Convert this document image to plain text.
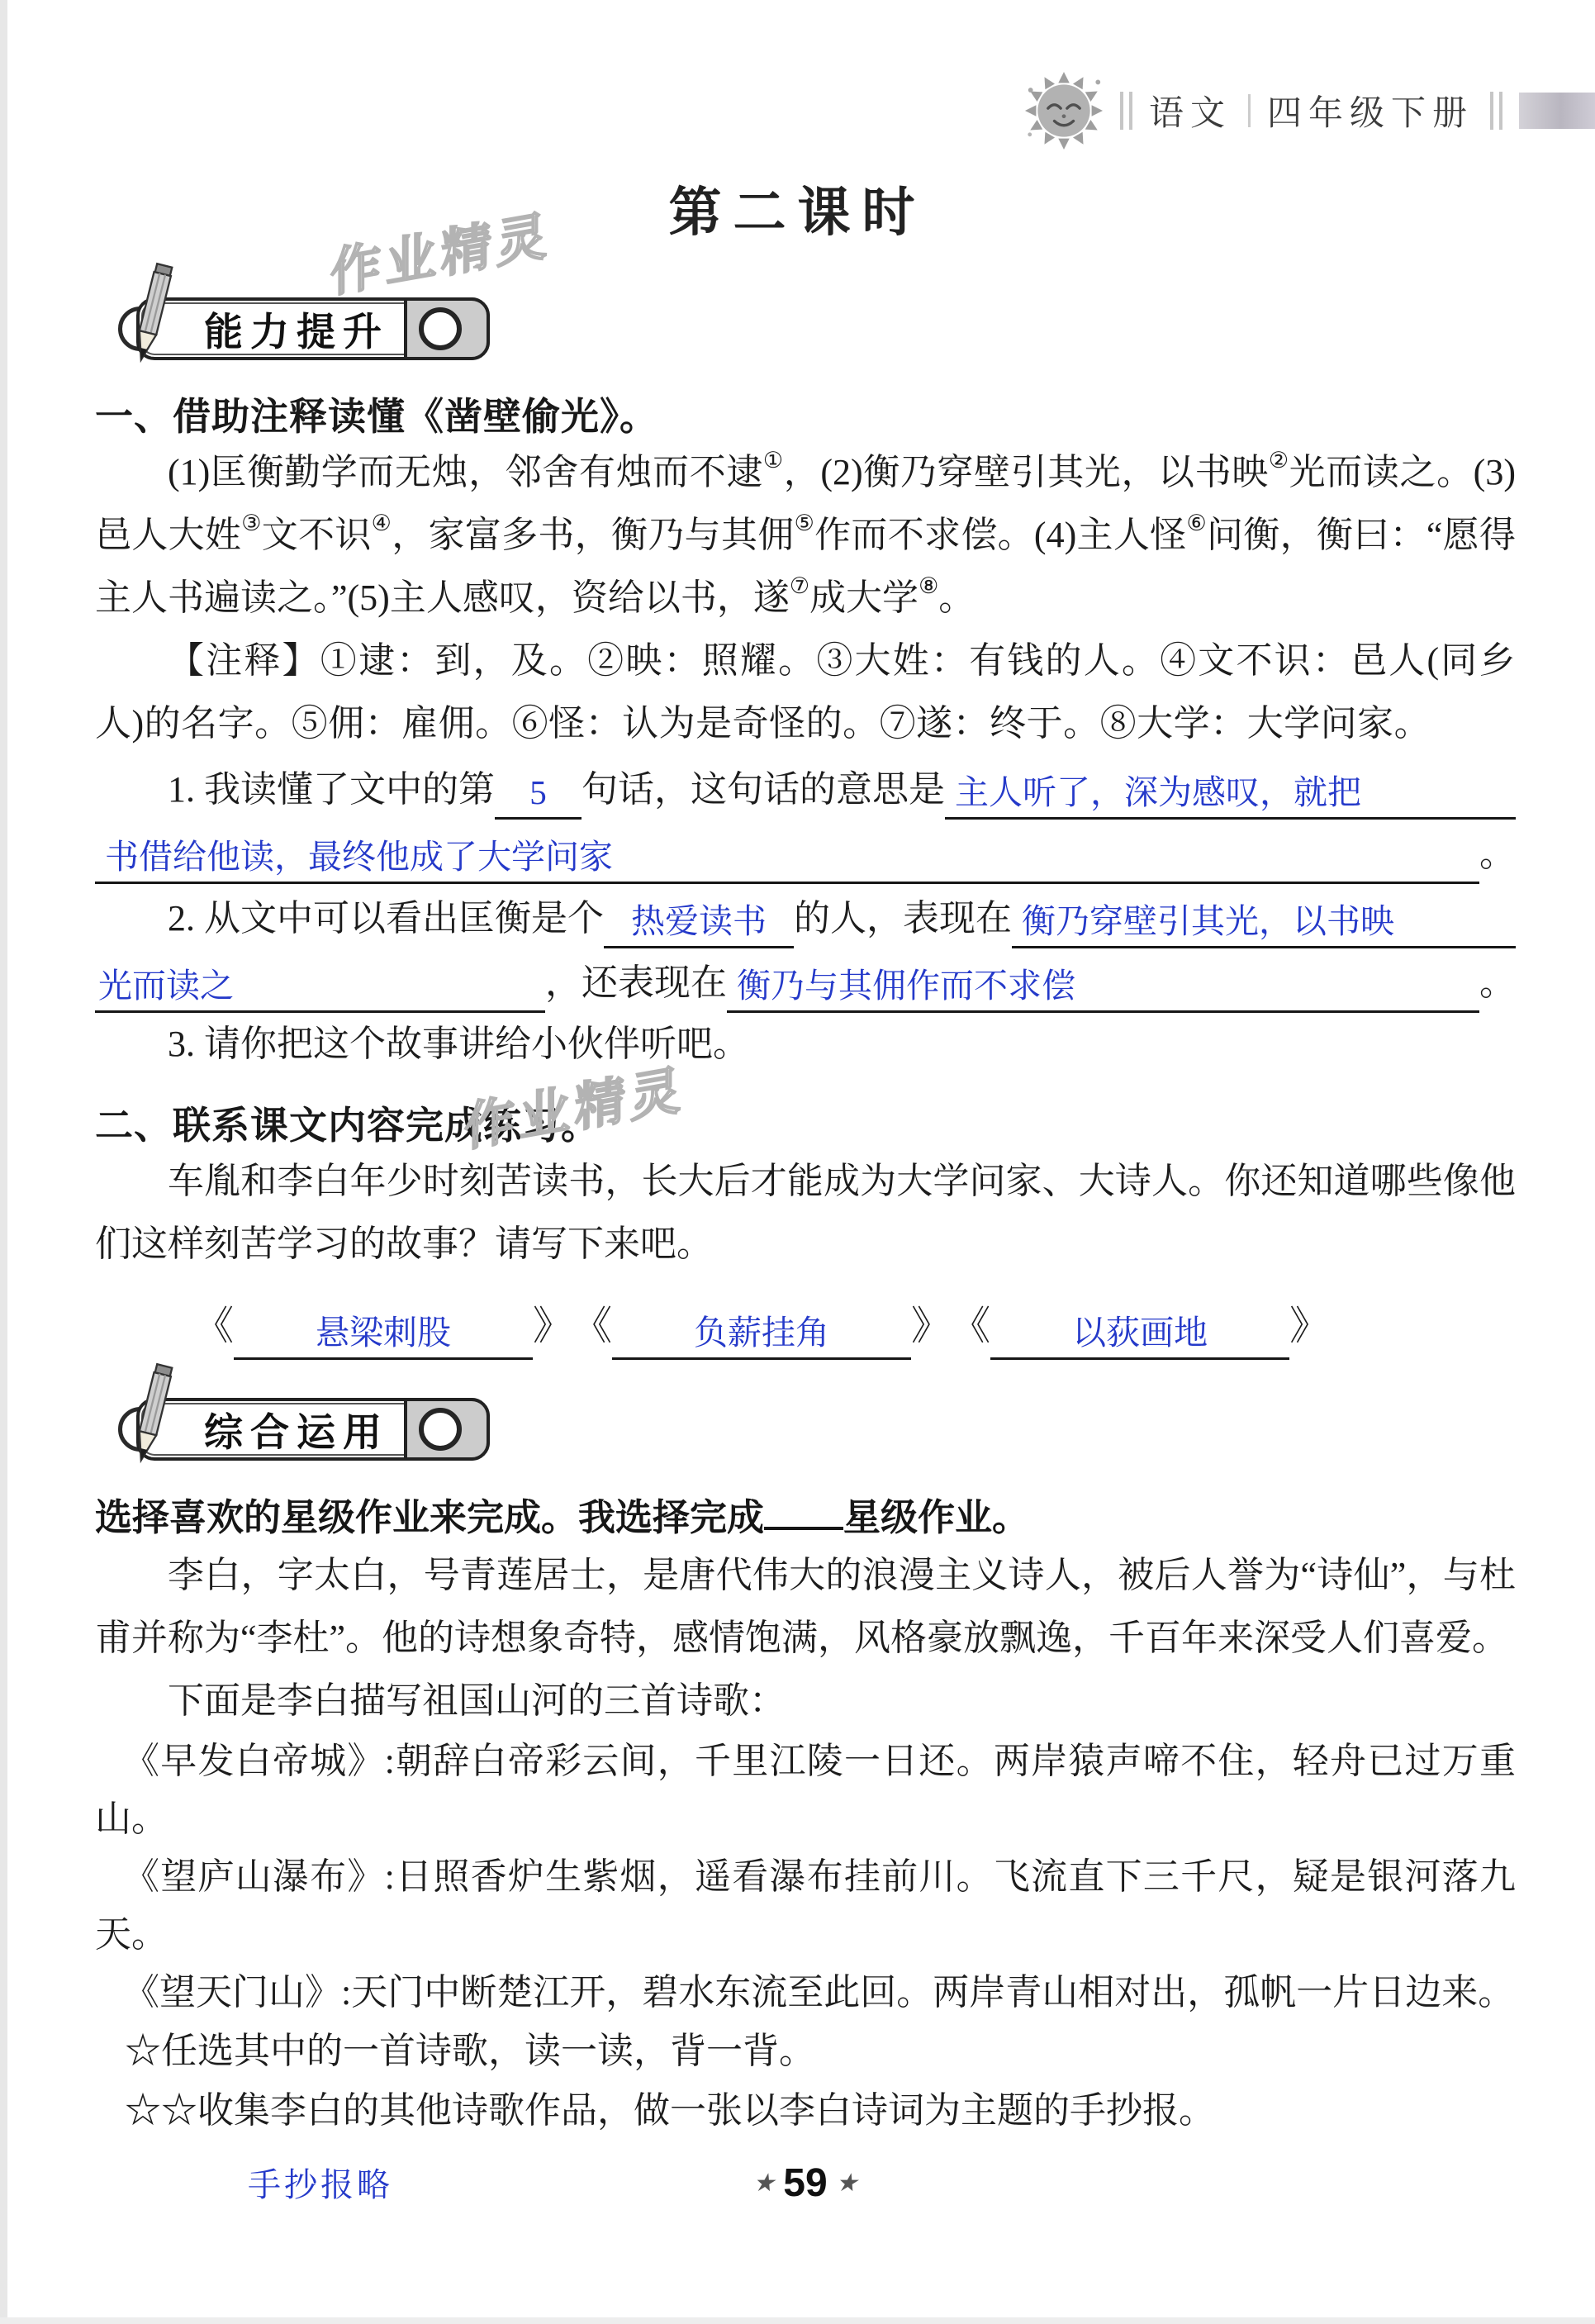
作业精灵
作业精灵
语文 四年级下册
第二课时
能力提升
一、借助注释读懂《凿壁偷光》。

(1)匡衡勤学而无烛，邻舍有烛而不逮①，(2)衡乃穿壁引其光，以书映②光而读之。(3)邑人大姓③文不识④，家富多书，衡乃与其佣⑤作而不求偿。(4)主人怪⑥问衡，衡曰：“愿得主人书遍读之。”(5)主人感叹，资给以书，遂⑦成大学⑧。

【注释】①逮：到，及。②映：照耀。③大姓：有钱的人。④文不识：邑人(同乡人)的名字。⑤佣：雇佣。⑥怪：认为是奇怪的。⑦遂：终于。⑧大学：大学问家。

1. 我读懂了文中的第 5 句话，这句话的意思是 主人听了，深为感叹，就把
书借给他读，最终他成了大学问家	。
2. 从文中可以看出匡衡是个 热爱读书 的人，表现在 衡乃穿壁引其光，以书映
光而读之	，还表现在 衡乃与其佣作而不求偿	。

3. 请你把这个故事讲给小伙伴听吧。

二、联系课文内容完成练习。

车胤和李白年少时刻苦读书，长大后才能成为大学问家、大诗人。你还知道哪些像他们这样刻苦学习的故事？请写下来吧。

《 悬梁刺股 》 《 负薪挂角 》 《 以荻画地 》
综合运用

选择喜欢的星级作业来完成。我选择完成 星级作业。

李白，字太白，号青莲居士，是唐代伟大的浪漫主义诗人，被后人誉为“诗仙”，与杜甫并称为“李杜”。他的诗想象奇特，感情饱满，风格豪放飘逸，千百年来深受人们喜爱。

下面是李白描写祖国山河的三首诗歌：

《早发白帝城》:朝辞白帝彩云间，千里江陵一日还。两岸猿声啼不住，轻舟已过万重山。

《望庐山瀑布》:日照香炉生紫烟，遥看瀑布挂前川。飞流直下三千尺，疑是银河落九天。

《望天门山》:天门中断楚江开，碧水东流至此回。两岸青山相对出，孤帆一片日边来。

☆任选其中的一首诗歌，读一读，背一背。

☆☆收集李白的其他诗歌作品，做一张以李白诗词为主题的手抄报。

手抄报略	★ 59 ★
